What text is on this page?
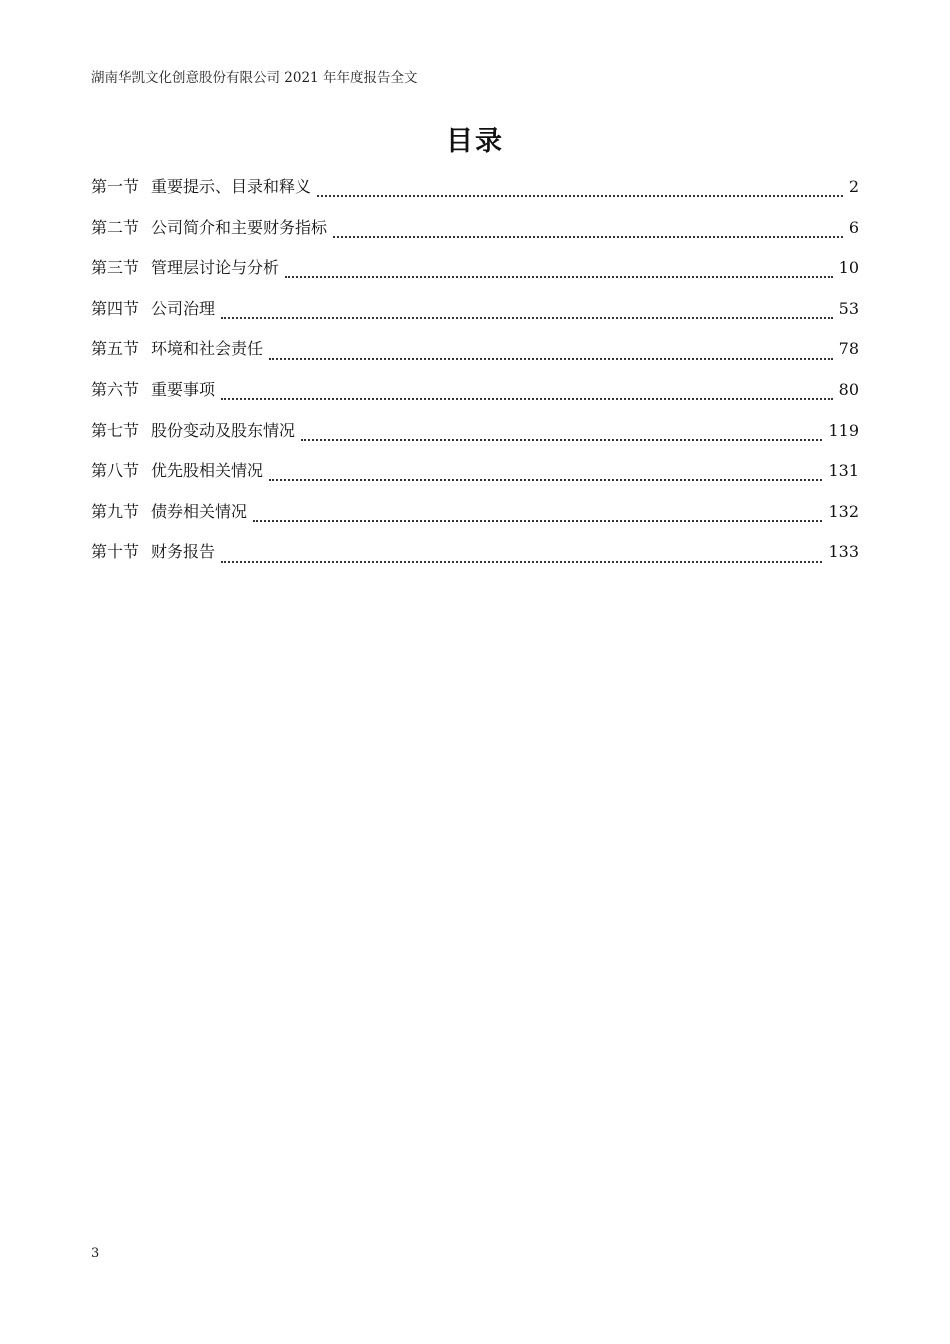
湖南华凯文化创意股份有限公司 2021 年年度报告全文
目录
第一节 重要提示、目录和释义	2
第二节 公司简介和主要财务指标	6
第三节 管理层讨论与分析	10
第四节 公司治理	53
第五节 环境和社会责任	78
第六节 重要事项	80
第七节 股份变动及股东情况	119
第八节 优先股相关情况	131
第九节 债券相关情况	132
第十节 财务报告	133
3
